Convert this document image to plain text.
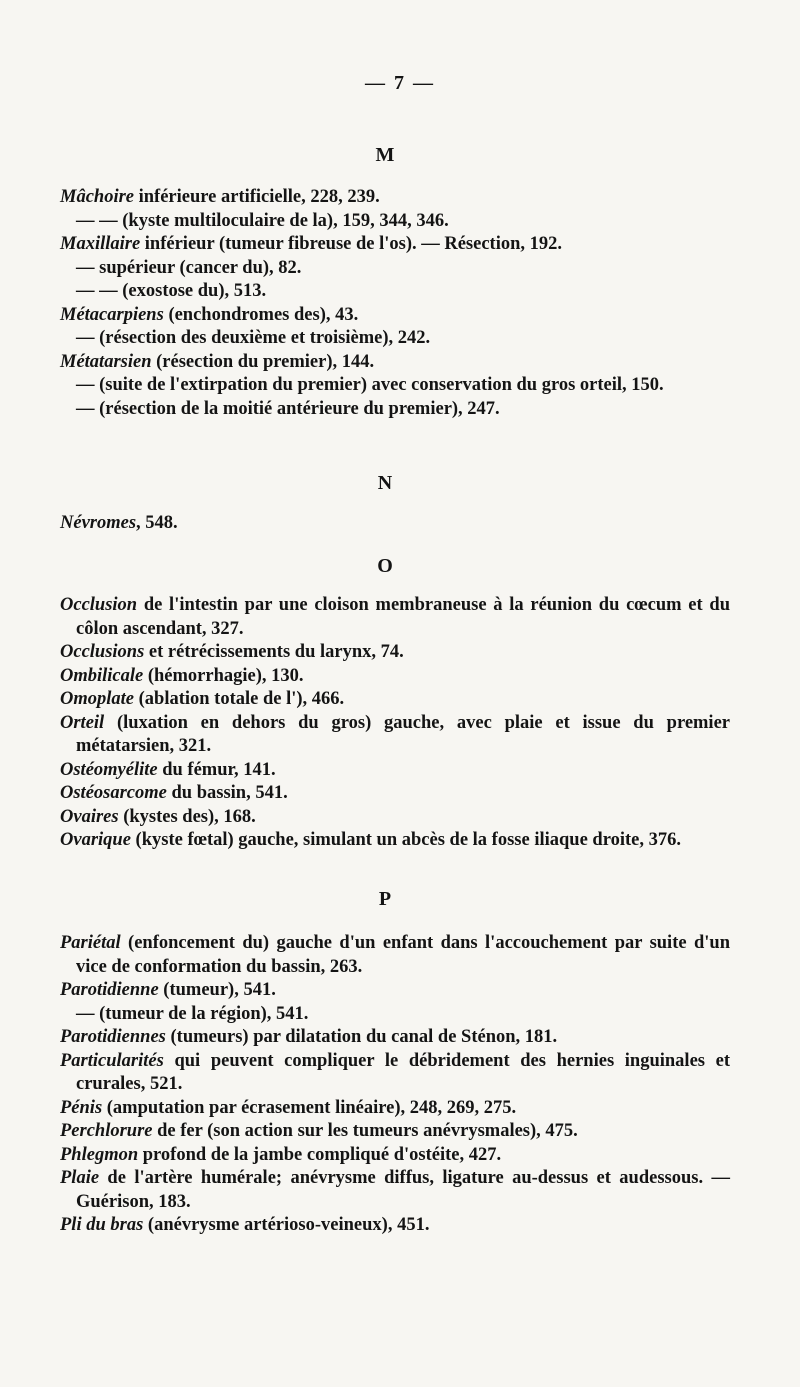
— 7 —
M

Mâchoire inférieure artificielle, 228, 239.

— — (kyste multiloculaire de la), 159, 344, 346.

Maxillaire inférieur (tumeur fibreuse de l'os). — Résection, 192.

— supérieur (cancer du), 82.

— — (exostose du), 513.

Métacarpiens (enchondromes des), 43.

— (résection des deuxième et troisième), 242.

Métatarsien (résection du premier), 144.

— (suite de l'extirpation du premier) avec conservation du gros orteil, 150.

— (résection de la moitié antérieure du premier), 247.

N

Névromes, 548.

O

Occlusion de l'intestin par une cloison membraneuse à la réunion du cœcum et du côlon ascendant, 327.

Occlusions et rétrécissements du larynx, 74.

Ombilicale (hémorrhagie), 130.

Omoplate (ablation totale de l'), 466.

Orteil (luxation en dehors du gros) gauche, avec plaie et issue du premier métatarsien, 321.

Ostéomyélite du fémur, 141.

Ostéosarcome du bassin, 541.

Ovaires (kystes des), 168.

Ovarique (kyste fœtal) gauche, simulant un abcès de la fosse iliaque droite, 376.

P

Pariétal (enfoncement du) gauche d'un enfant dans l'accouchement par suite d'un vice de conformation du bassin, 263.

Parotidienne (tumeur), 541.

— (tumeur de la région), 541.

Parotidiennes (tumeurs) par dilatation du canal de Sténon, 181.

Particularités qui peuvent compliquer le débridement des hernies inguinales et crurales, 521.

Pénis (amputation par écrasement linéaire), 248, 269, 275.

Perchlorure de fer (son action sur les tumeurs anévrysmales), 475.

Phlegmon profond de la jambe compliqué d'ostéite, 427.

Plaie de l'artère humérale; anévrysme diffus, ligature au-dessus et audessous. — Guérison, 183.

Pli du bras (anévrysme artérioso-veineux), 451.
